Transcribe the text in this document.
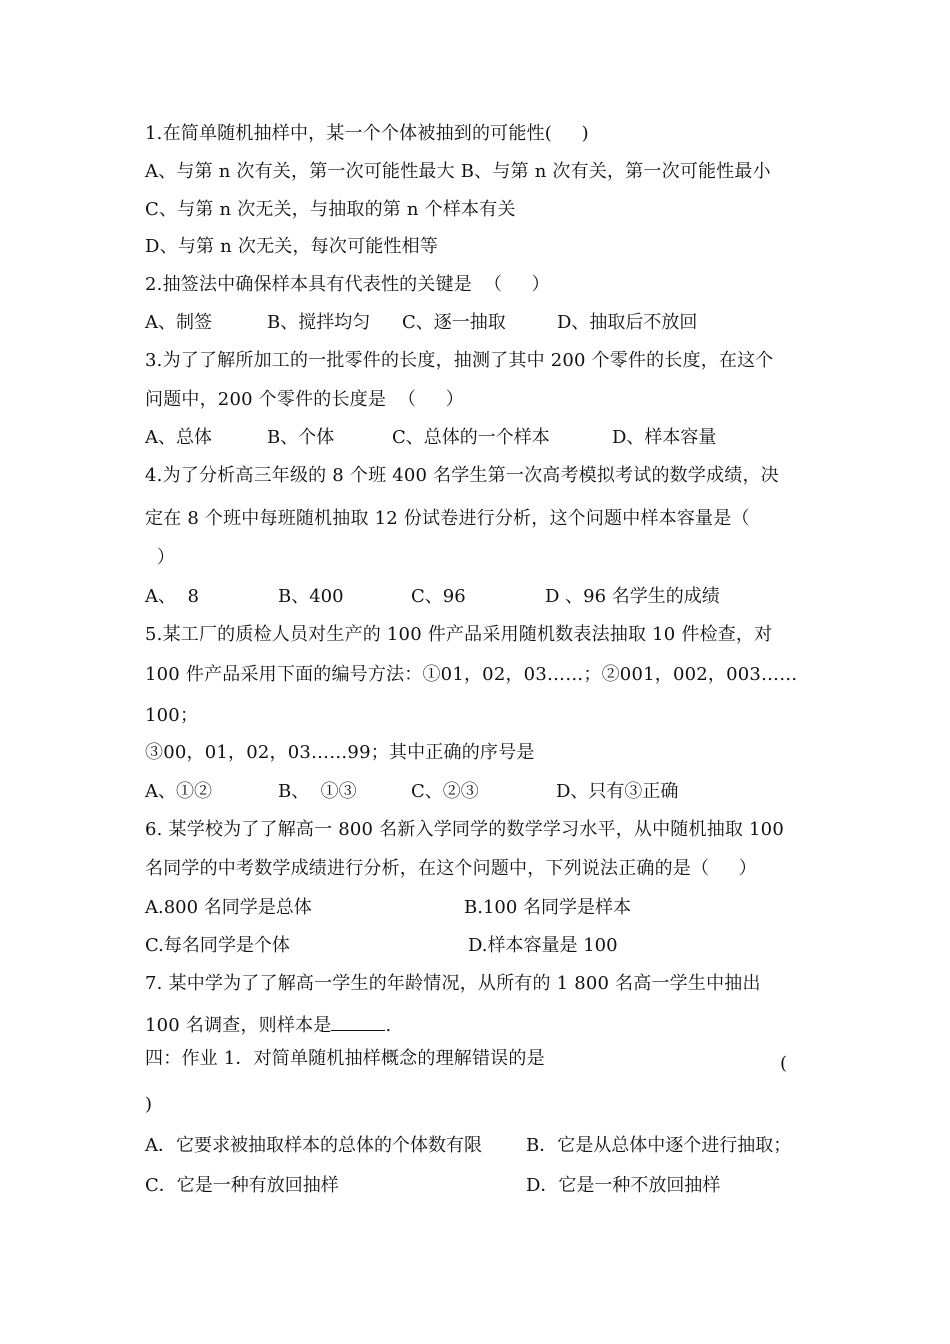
1.在简单随机抽样中，某一个个体被抽到的可能性(     )
A、与第 n 次有关，第一次可能性最大 B、与第 n 次有关，第一次可能性最小
C、与第 n 次无关，与抽取的第 n 个样本有关
D、与第 n 次无关，每次可能性相等
2.抽签法中确保样本具有代表性的关键是  （     ）
A、制签	B、搅拌均匀 C、逐一抽取	D、抽取后不放回
3.为了了解所加工的一批零件的长度，抽测了其中 200 个零件的长度，在这个
问题中，200 个零件的长度是  （     ）
A、总体	B、个体	C、总体的一个样本	D、样本容量
4.为了分析高三年级的 8 个班 400 名学生第一次高考模拟考试的数学成绩，决
定在 8 个班中每班随机抽取 12 份试卷进行分析，这个问题中样本容量是（
）
A、  8	B、400	C、96	D 、96 名学生的成绩
5.某工厂的质检人员对生产的 100 件产品采用随机数表法抽取 10 件检查，对
100 件产品采用下面的编号方法：①01，02，03……；②001，002，003……
100；
③00，01，02，03……99；其中正确的序号是
A、①②	B、  ①③	C、②③	D、只有③正确
6. 某学校为了了解高一 800 名新入学同学的数学学习水平，从中随机抽取 100
名同学的中考数学成绩进行分析，在这个问题中，下列说法正确的是（     ）
A.800 名同学是总体	B.100 名同学是样本
C.每名同学是个体	D.样本容量是 100
7. 某中学为了了解高一学生的年龄情况，从所有的 1 800 名高一学生中抽出
100 名调查，则样本是	.
四：作业 1．对简单随机抽样概念的理解错误的是	(
)
A．它要求被抽取样本的总体的个体数有限 B．它是从总体中逐个进行抽取；
C．它是一种有放回抽样	D．它是一种不放回抽样
